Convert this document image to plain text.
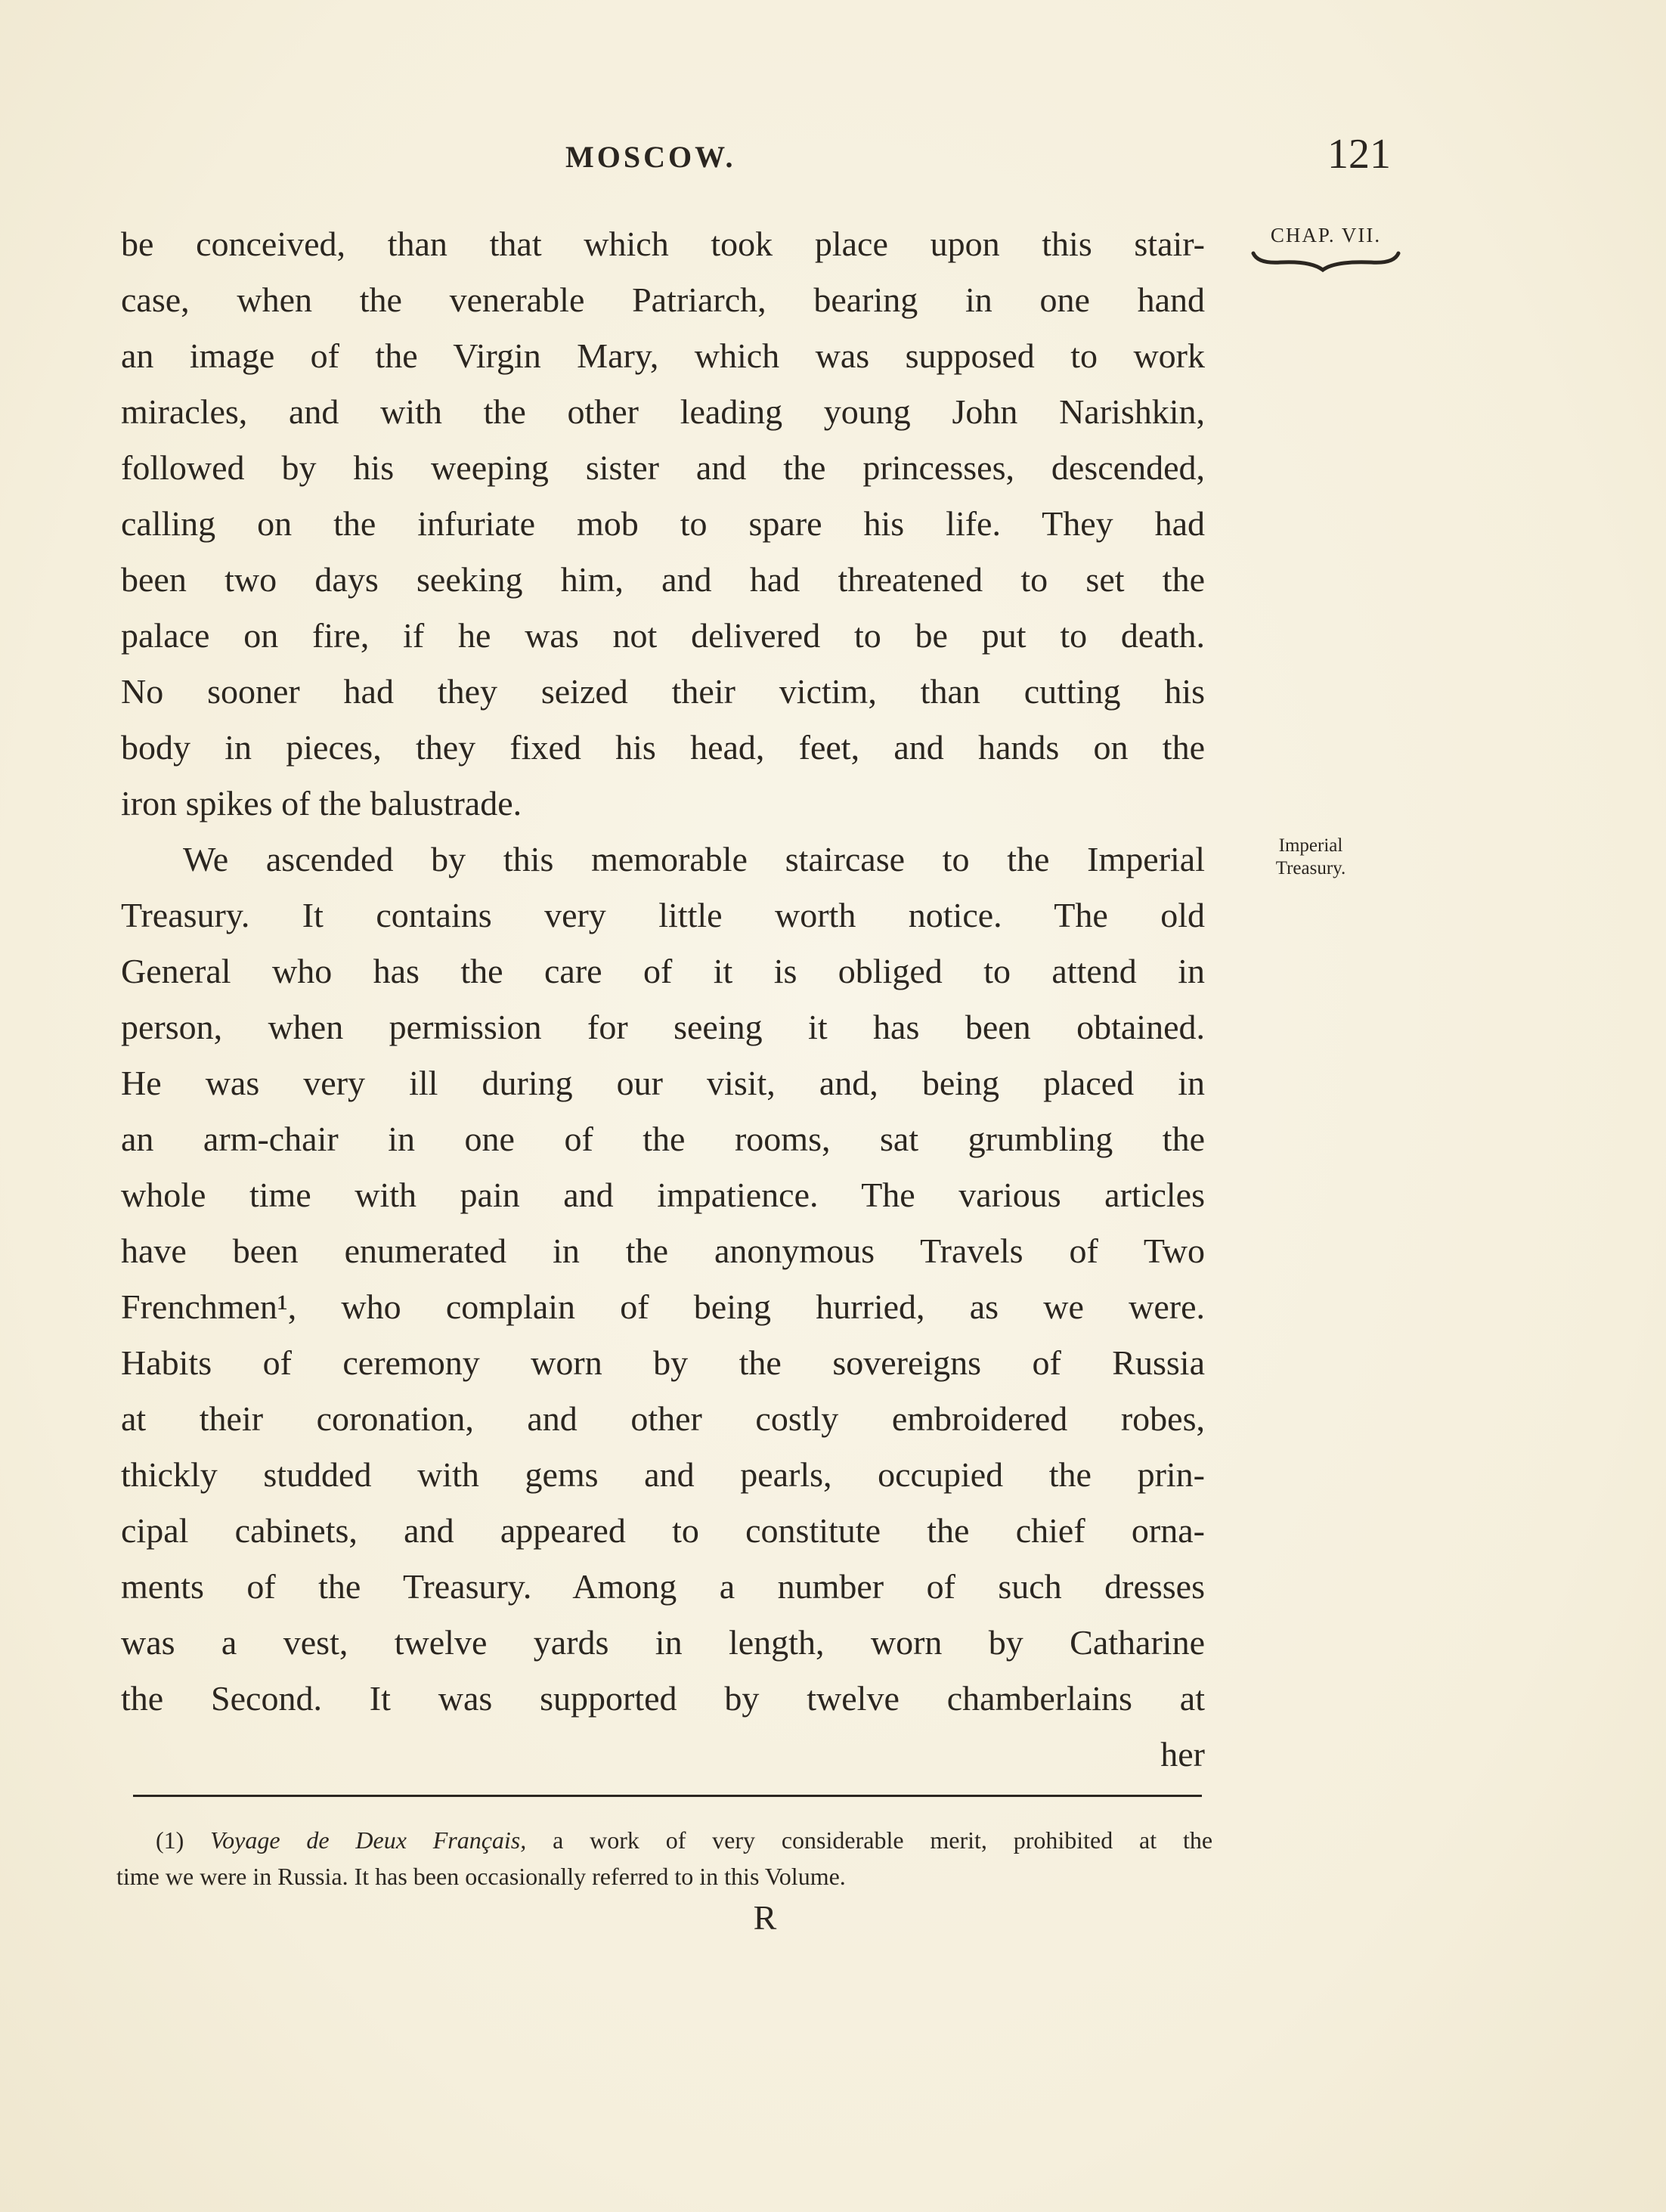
MOSCOW.	121
CHAP. VII.
Imperial
Treasury.
be conceived, than that which took place upon this stair-
case, when the venerable Patriarch, bearing in one hand
an image of the Virgin Mary, which was supposed to work
miracles, and with the other leading young John Narishkin,
followed by his weeping sister and the princesses, descended,
calling on the infuriate mob to spare his life. They had
been two days seeking him, and had threatened to set the
palace on fire, if he was not delivered to be put to death.
No sooner had they seized their victim, than cutting his
body in pieces, they fixed his head, feet, and hands on the
iron spikes of the balustrade.
We ascended by this memorable staircase to the Imperial
Treasury. It contains very little worth notice. The old
General who has the care of it is obliged to attend in
person, when permission for seeing it has been obtained.
He was very ill during our visit, and, being placed in
an arm-chair in one of the rooms, sat grumbling the
whole time with pain and impatience. The various articles
have been enumerated in the anonymous Travels of Two
Frenchmen¹, who complain of being hurried, as we were.
Habits of ceremony worn by the sovereigns of Russia
at their coronation, and other costly embroidered robes,
thickly studded with gems and pearls, occupied the prin-
cipal cabinets, and appeared to constitute the chief orna-
ments of the Treasury. Among a number of such dresses
was a vest, twelve yards in length, worn by Catharine
the Second. It was supported by twelve chamberlains at
her
(1) Voyage de Deux Français, a work of very considerable merit, prohibited at the
time we were in Russia. It has been occasionally referred to in this Volume.
R
